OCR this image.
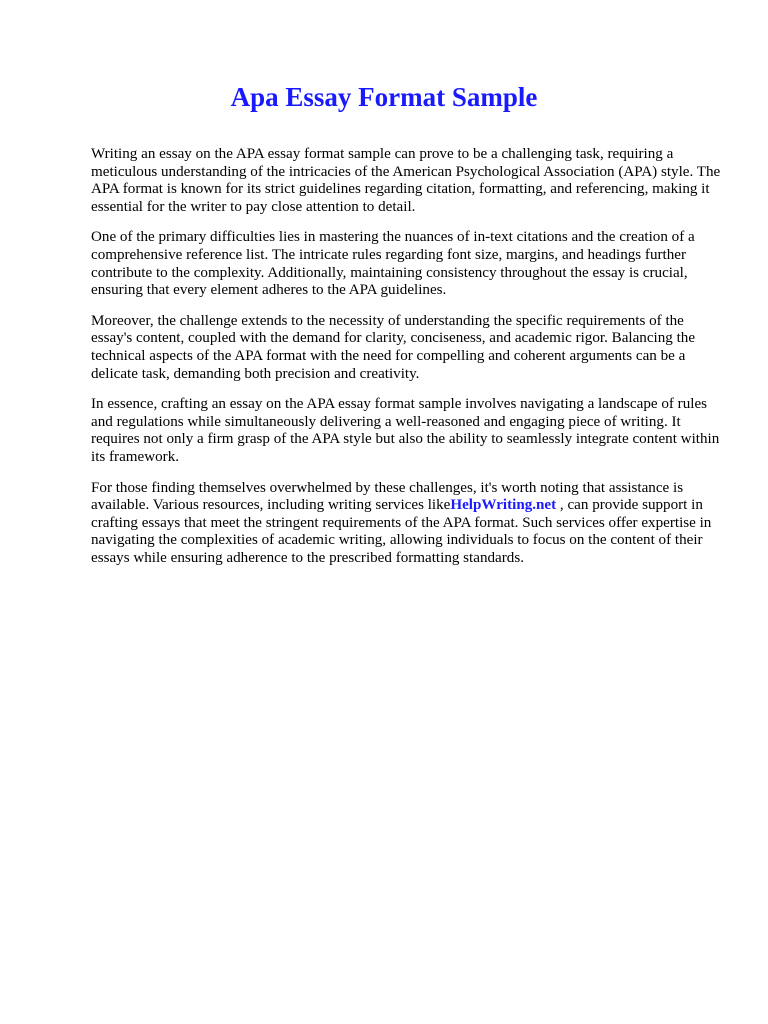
Apa Essay Format Sample

Writing an essay on the APA essay format sample can prove to be a challenging task, requiring a meticulous understanding of the intricacies of the American Psychological Association (APA) style. The APA format is known for its strict guidelines regarding citation, formatting, and referencing, making it essential for the writer to pay close attention to detail.

One of the primary difficulties lies in mastering the nuances of in-text citations and the creation of a comprehensive reference list. The intricate rules regarding font size, margins, and headings further contribute to the complexity. Additionally, maintaining consistency throughout the essay is crucial, ensuring that every element adheres to the APA guidelines.

Moreover, the challenge extends to the necessity of understanding the specific requirements of the essay's content, coupled with the demand for clarity, conciseness, and academic rigor. Balancing the technical aspects of the APA format with the need for compelling and coherent arguments can be a delicate task, demanding both precision and creativity.

In essence, crafting an essay on the APA essay format sample involves navigating a landscape of rules and regulations while simultaneously delivering a well-reasoned and engaging piece of writing. It requires not only a firm grasp of the APA style but also the ability to seamlessly integrate content within its framework.

For those finding themselves overwhelmed by these challenges, it's worth noting that assistance is available. Various resources, including writing services likeHelpWriting.net , can provide support in crafting essays that meet the stringent requirements of the APA format. Such services offer expertise in navigating the complexities of academic writing, allowing individuals to focus on the content of their essays while ensuring adherence to the prescribed formatting standards.
